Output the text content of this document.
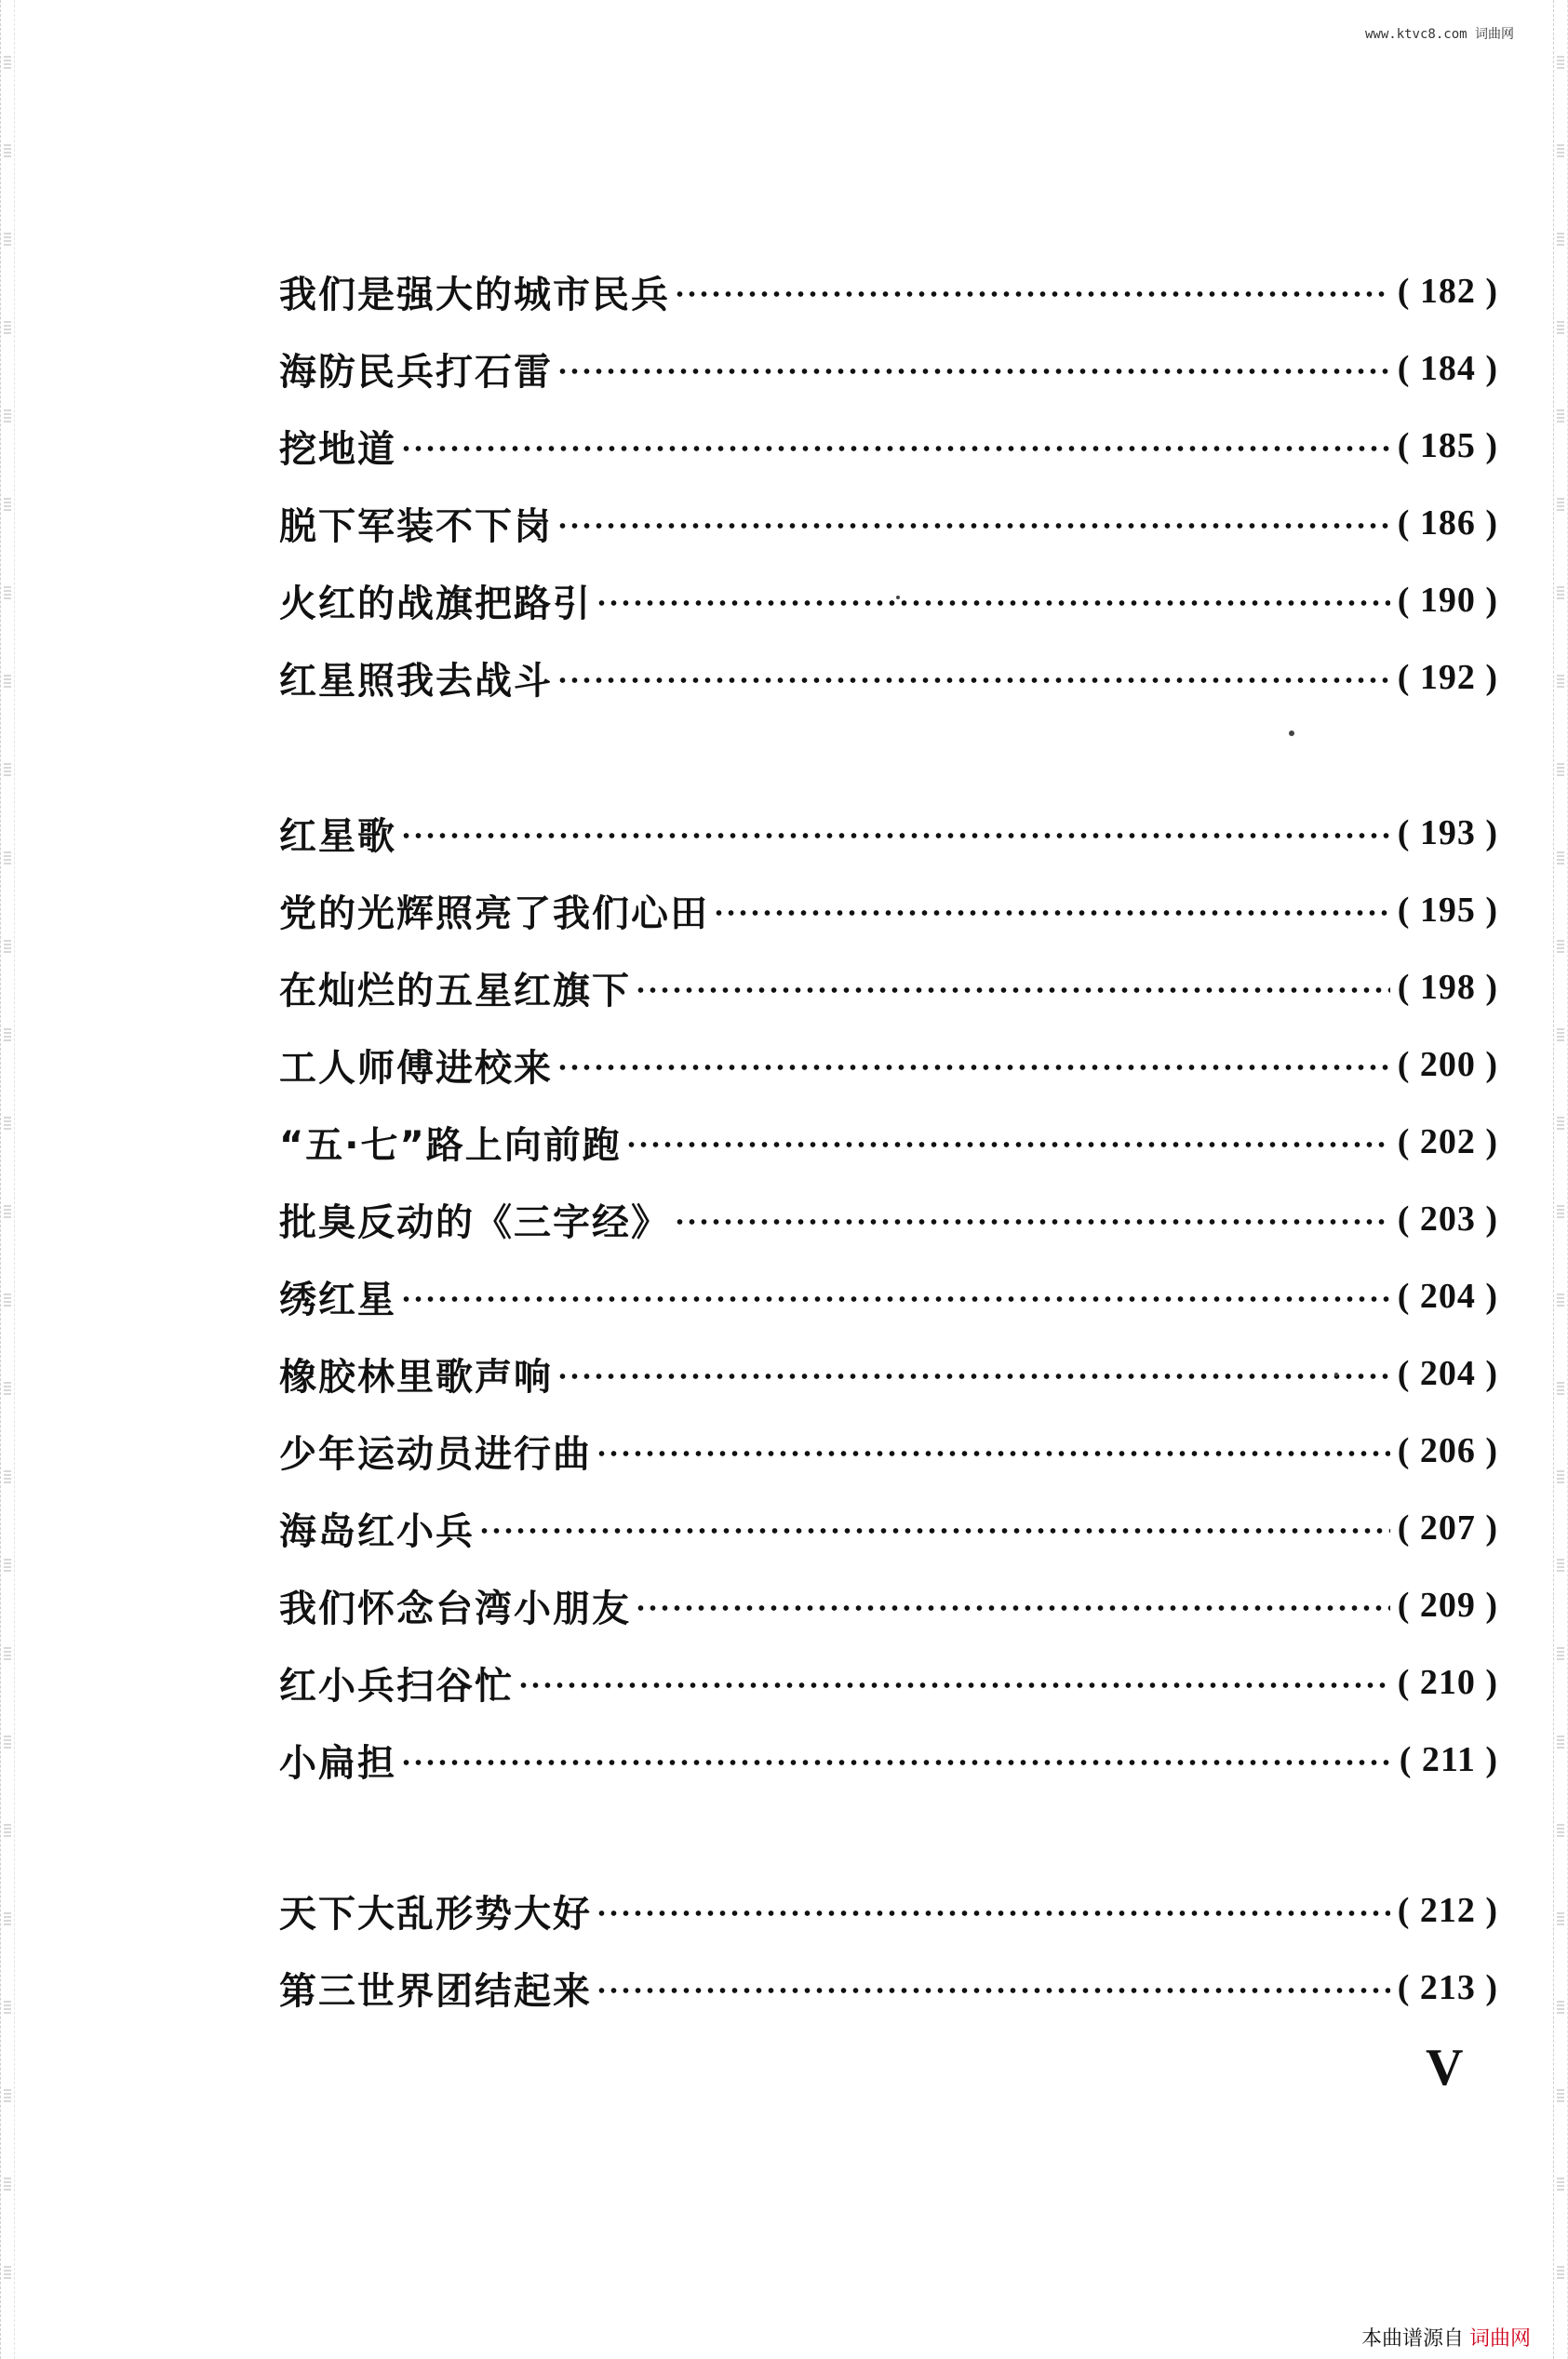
www.ktvc8.com 词曲网
我们是强大的城市民兵	( 182 )
海防民兵打石雷	( 184 )
挖地道	( 185 )
脱下军装不下岗	( 186 )
火红的战旗把路引	( 190 )
红星照我去战斗	( 192 )
红星歌	( 193 )
党的光辉照亮了我们心田	( 195 )
在灿烂的五星红旗下	( 198 )
工人师傅进校来	( 200 )
“五·七”路上向前跑	( 202 )
批臭反动的《三字经》	( 203 )
绣红星	( 204 )
橡胶林里歌声响	( 204 )
少年运动员进行曲	( 206 )
海岛红小兵	( 207 )
我们怀念台湾小朋友	( 209 )
红小兵扫谷忙	( 210 )
小扁担	( 211 )
天下大乱形势大好	( 212 )
第三世界团结起来	( 213 )
V
本曲谱源自 词曲网
